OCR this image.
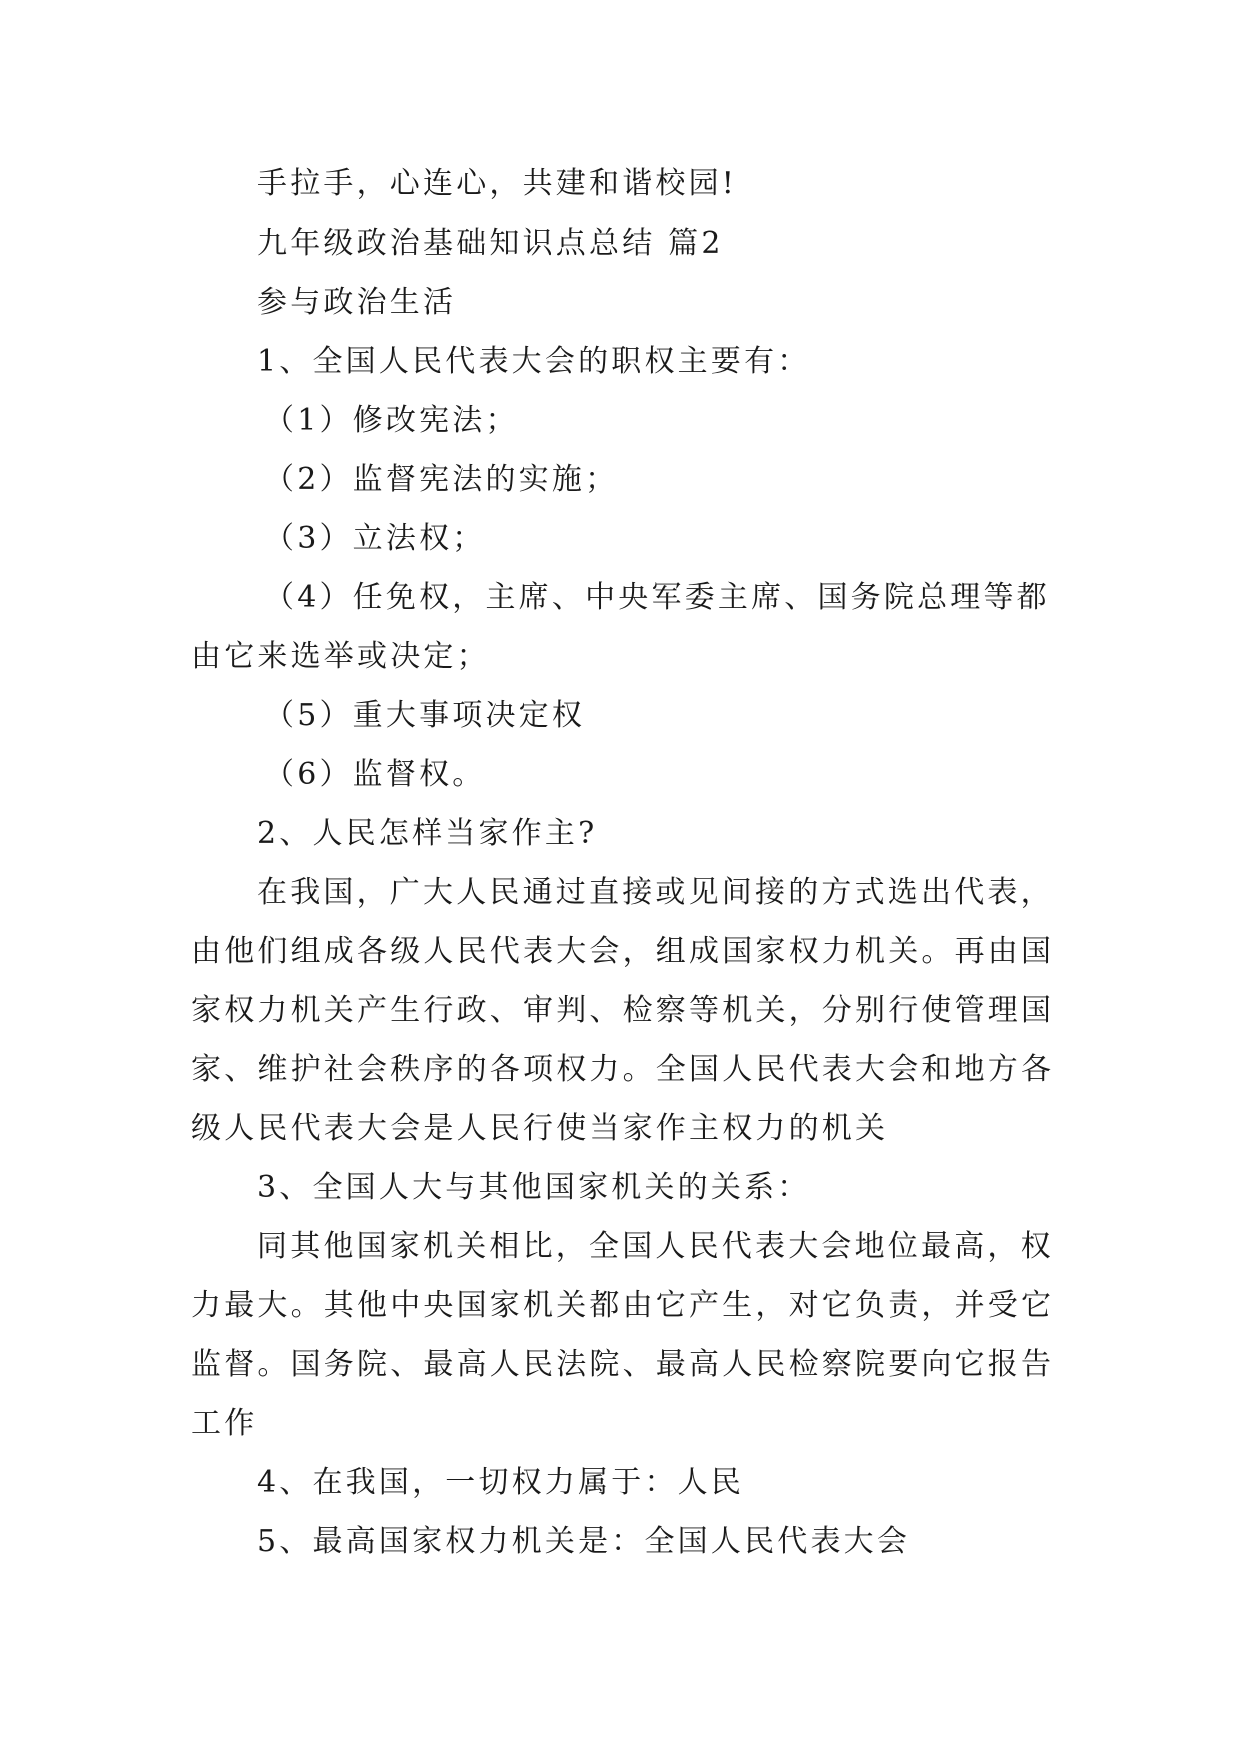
手拉手，心连心，共建和谐校园!
九年级政治基础知识点总结 篇2
参与政治生活
1、全国人民代表大会的职权主要有：
（1）修改宪法；
（2）监督宪法的实施；
（3）立法权；
（4）任免权，主席、中央军委主席、国务院总理等都
由它来选举或决定；
（5）重大事项决定权
（6）监督权。
2、人民怎样当家作主?
在我国，广大人民通过直接或见间接的方式选出代表，
由他们组成各级人民代表大会，组成国家权力机关。再由国
家权力机关产生行政、审判、检察等机关，分别行使管理国
家、维护社会秩序的各项权力。全国人民代表大会和地方各
级人民代表大会是人民行使当家作主权力的机关
3、全国人大与其他国家机关的关系：
同其他国家机关相比，全国人民代表大会地位最高，权
力最大。其他中央国家机关都由它产生，对它负责，并受它
监督。国务院、最高人民法院、最高人民检察院要向它报告
工作
4、在我国，一切权力属于：人民
5、最高国家权力机关是：全国人民代表大会
